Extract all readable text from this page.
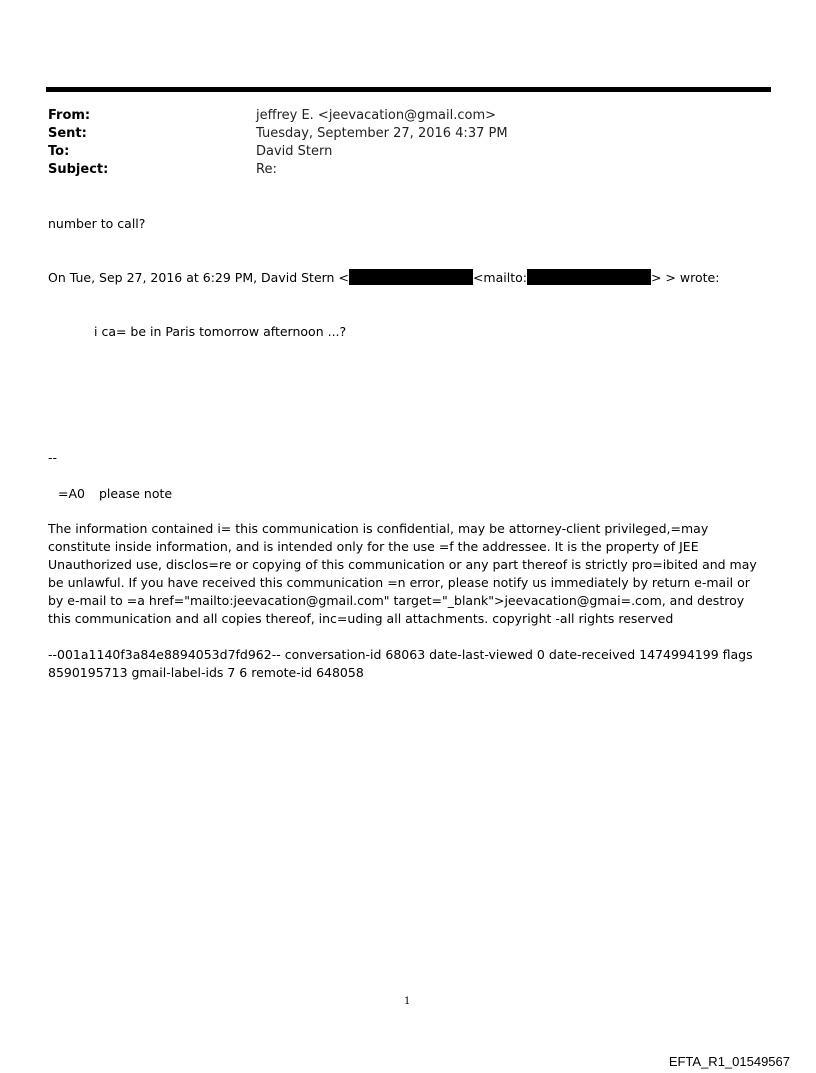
From:	jeffrey E. <jeevacation@gmail.com>
Sent:	Tuesday, September 27, 2016 4:37 PM
To:	David Stern
Subject:	Re:
number to call?
On Tue, Sep 27, 2016 at 6:29 PM, David Stern <	<mailto:	> > wrote:
i ca= be in Paris tomorrow afternoon ...?
--
=A0 please note
The information contained i= this communication is confidential, may be attorney-client privileged,=may constitute inside information, and is intended only for the use =f the addressee. It is the property of JEE Unauthorized use, disclos=re or copying of this communication or any part thereof is strictly pro=ibited and may be unlawful. If you have received this communication =n error, please notify us immediately by return e-mail or by e-mail to =a href="mailto:jeevacation@gmail.com" target="_blank">jeevacation@gmai=.com, and destroy this communication and all copies thereof, inc=uding all attachments. copyright -all rights reserved
--001a1140f3a84e8894053d7fd962-- conversation-id 68063 date-last-viewed 0 date-received 1474994199 flags 8590195713 gmail-label-ids 7 6 remote-id 648058
1
EFTA_R1_01549567
